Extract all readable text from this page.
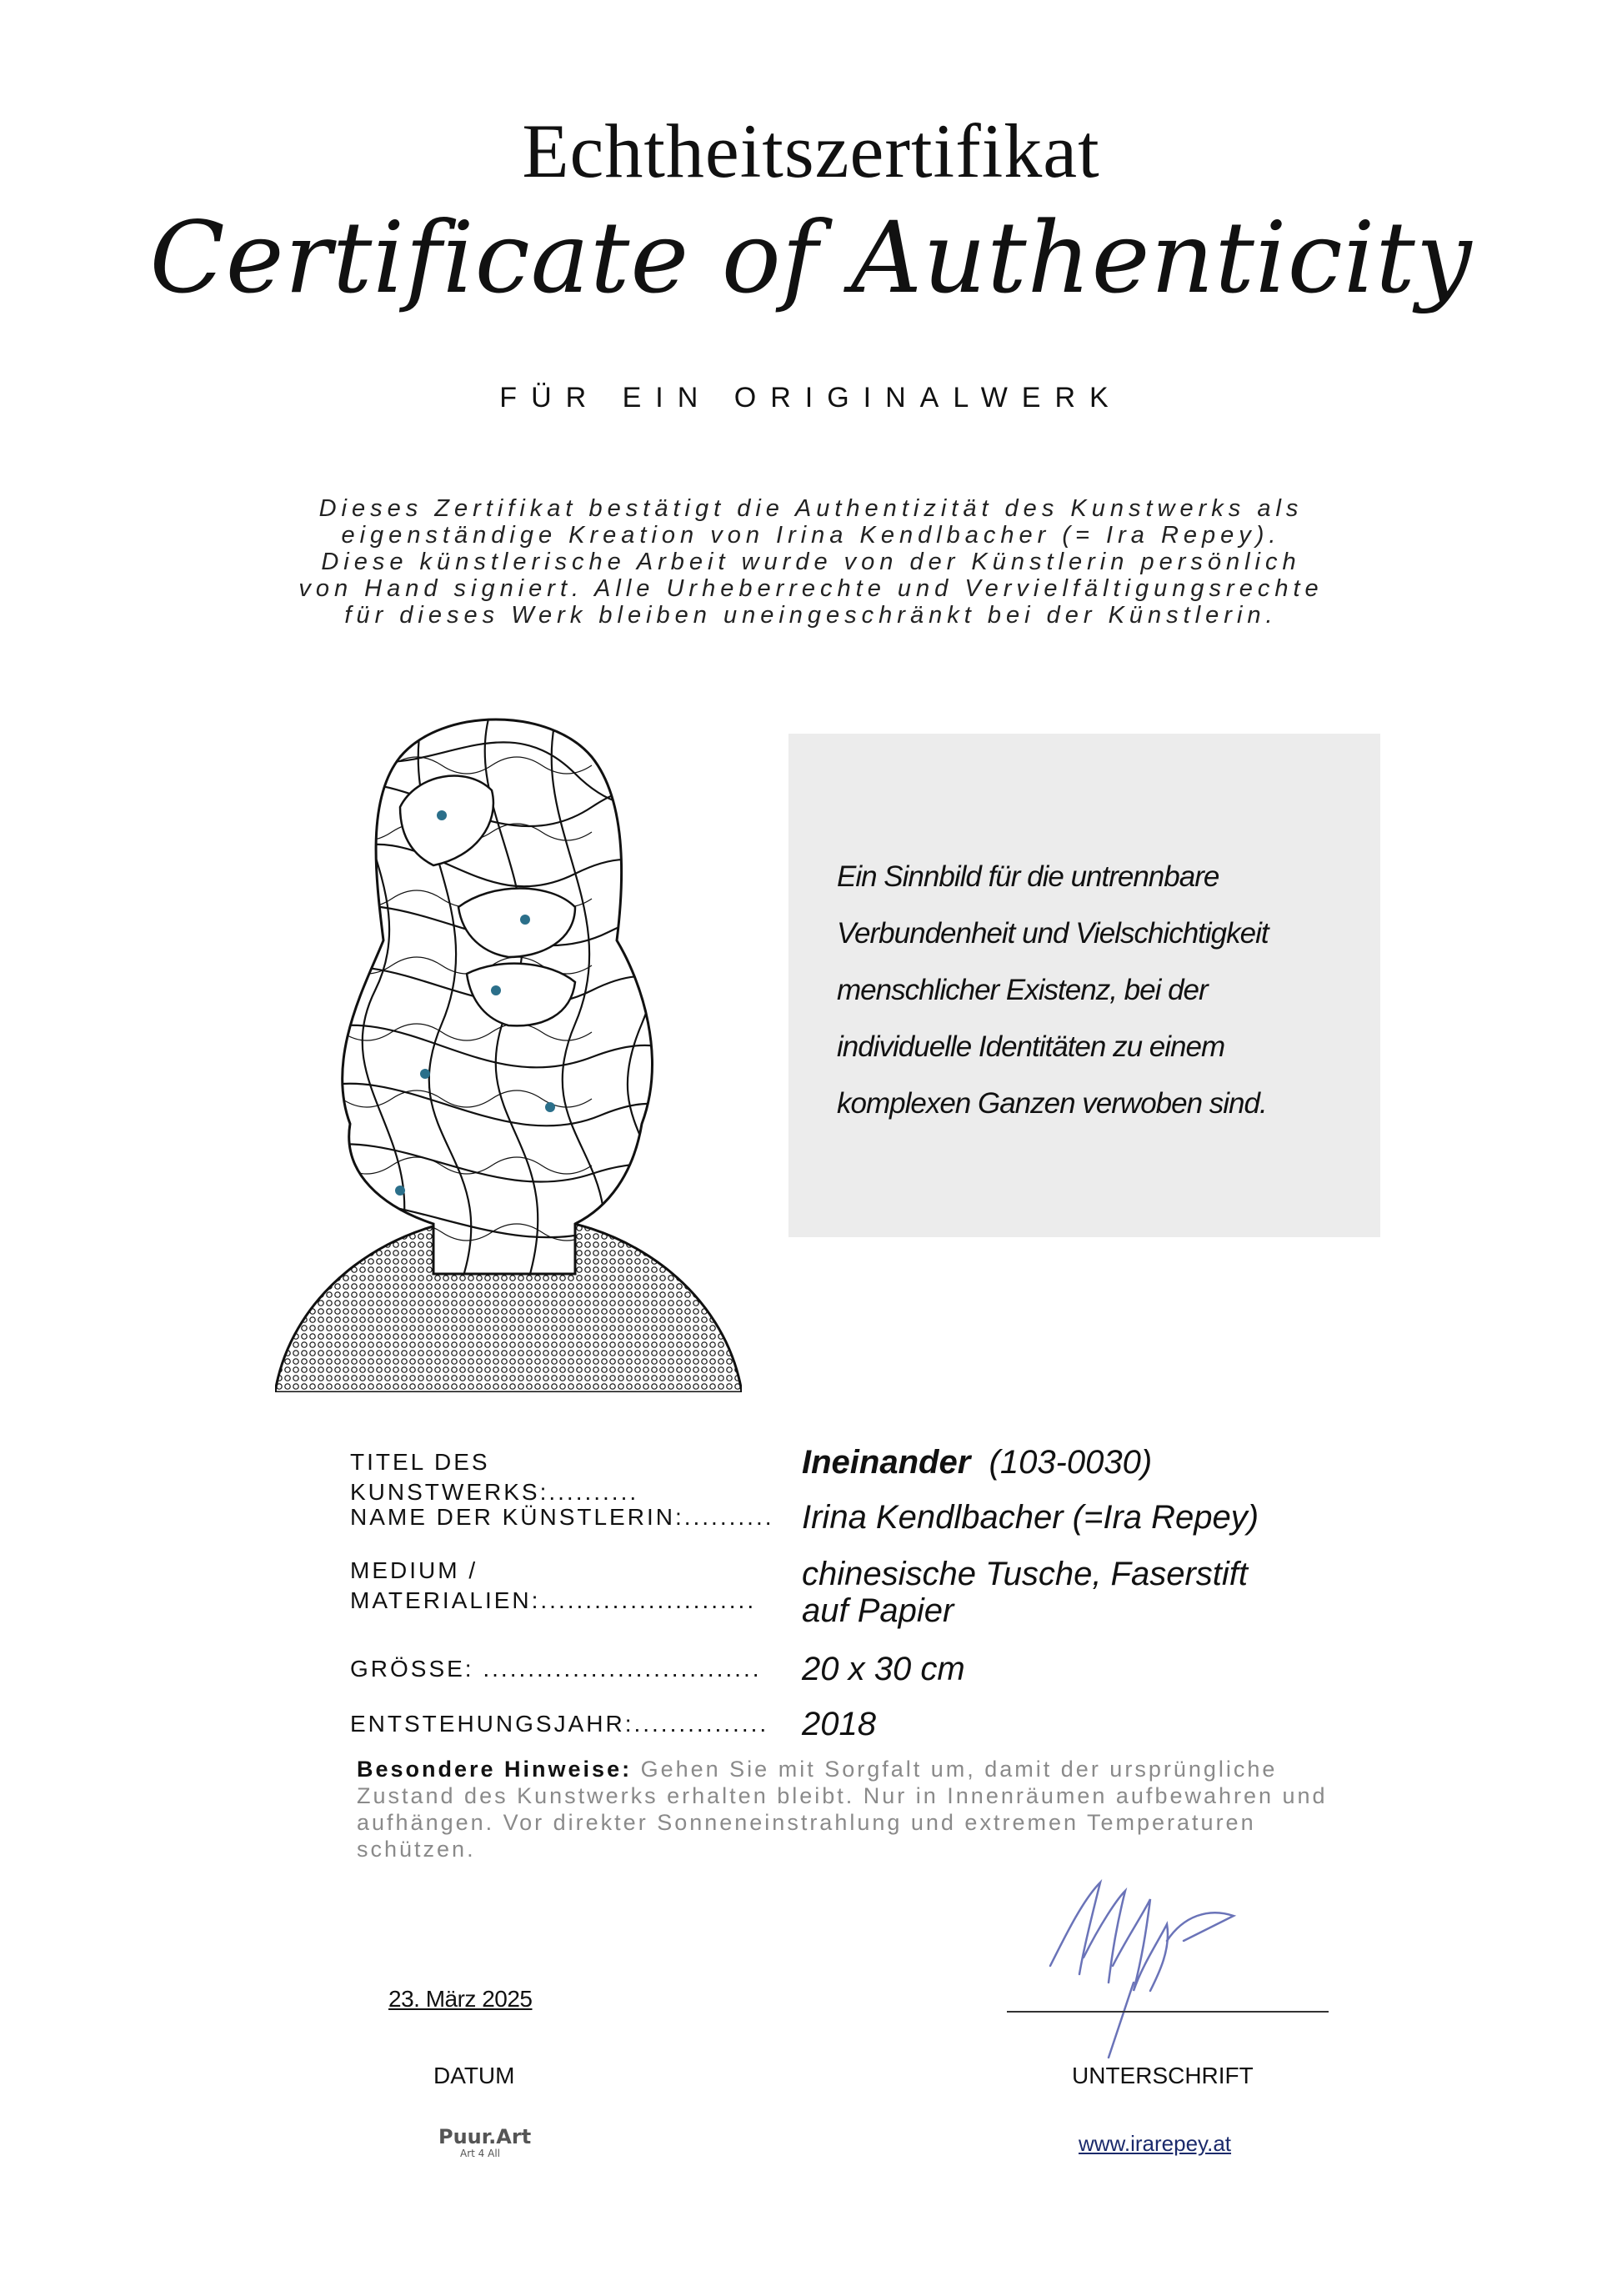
Echtheitszertifikat
Certificate of Authenticity
FÜR EIN ORIGINALWERK
Dieses Zertifikat bestätigt die Authentizität des Kunstwerks als
eigenständige Kreation von Irina Kendlbacher (= Ira Repey).
Diese künstlerische Arbeit wurde von der Künstlerin persönlich
von Hand signiert. Alle Urheberrechte und Vervielfältigungsrechte
für dieses Werk bleiben uneingeschränkt bei der Künstlerin.
Ein Sinnbild für die untrennbare
Verbundenheit und Vielschichtigkeit
menschlicher Existenz, bei der
individuelle Identitäten zu einem
komplexen Ganzen verwoben sind.
TITEL DES KUNSTWERKS:..........
Ineinander (103-0030)
NAME DER KÜNSTLERIN:.......... Irina Kendlbacher (=Ira Repey)
MEDIUM /
MATERIALIEN:........................
chinesische Tusche, Faserstift
auf Papier
GRÖSSE: ...............................	20 x 30 cm
ENTSTEHUNGSJAHR:............... 2018
Besondere Hinweise: Gehen Sie mit Sorgfalt um, damit der ursprüngliche Zustand des Kunstwerks erhalten bleibt. Nur in Innenräumen aufbewahren und aufhängen. Vor direkter Sonneneinstrahlung und extremen Temperaturen schützen.
23. März 2025
DATUM	UNTERSCHRIFT
www.irarepey.at
Puur.Art
Art 4 All
